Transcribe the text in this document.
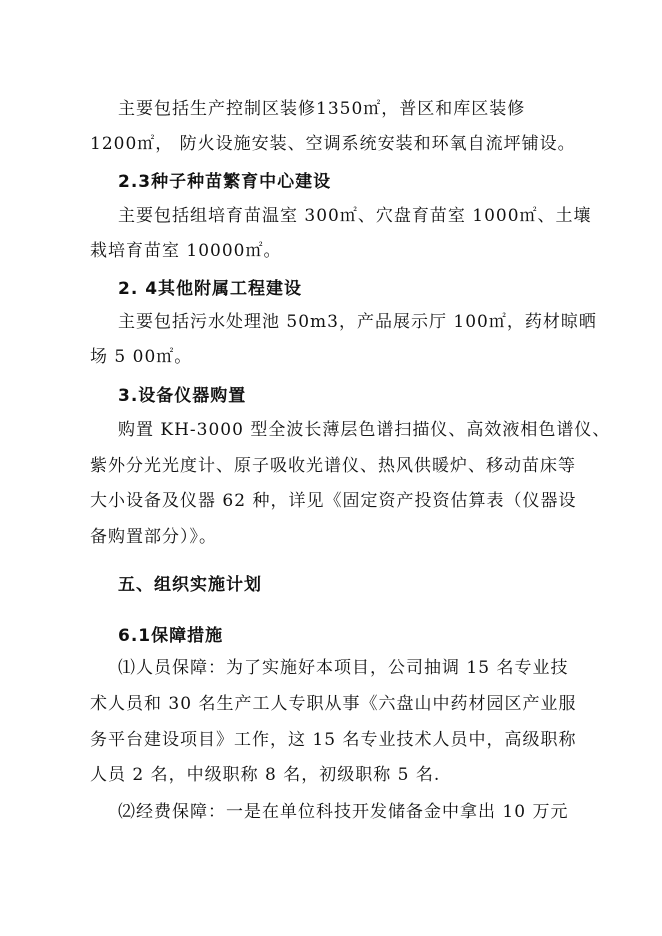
主要包括生产控制区装修1350㎡，普区和库区装修
1200㎡， 防火设施安装、空调系统安装和环氧自流坪铺设。
2.3种子种苗繁育中心建设
主要包括组培育苗温室 300㎡、穴盘育苗室 1000㎡、土壤
栽培育苗室 10000㎡。
2. 4其他附属工程建设
主要包括污水处理池 50m3，产品展示厅 100㎡，药材晾晒
场 5 00㎡。
3.设备仪器购置
购置 KH-3000 型全波长薄层色谱扫描仪、高效液相色谱仪、
紫外分光光度计、原子吸收光谱仪、热风供暖炉、移动苗床等
大小设备及仪器 62 种，详见《固定资产投资估算表（仪器设
备购置部分）》。
五、组织实施计划
6.1保障措施
⑴人员保障：为了实施好本项目，公司抽调 15 名专业技
术人员和 30 名生产工人专职从事《六盘山中药材园区产业服
务平台建设项目》工作，这 15 名专业技术人员中，高级职称
人员 2 名，中级职称 8 名，初级职称 5 名.
⑵经费保障：一是在单位科技开发储备金中拿出 10 万元
